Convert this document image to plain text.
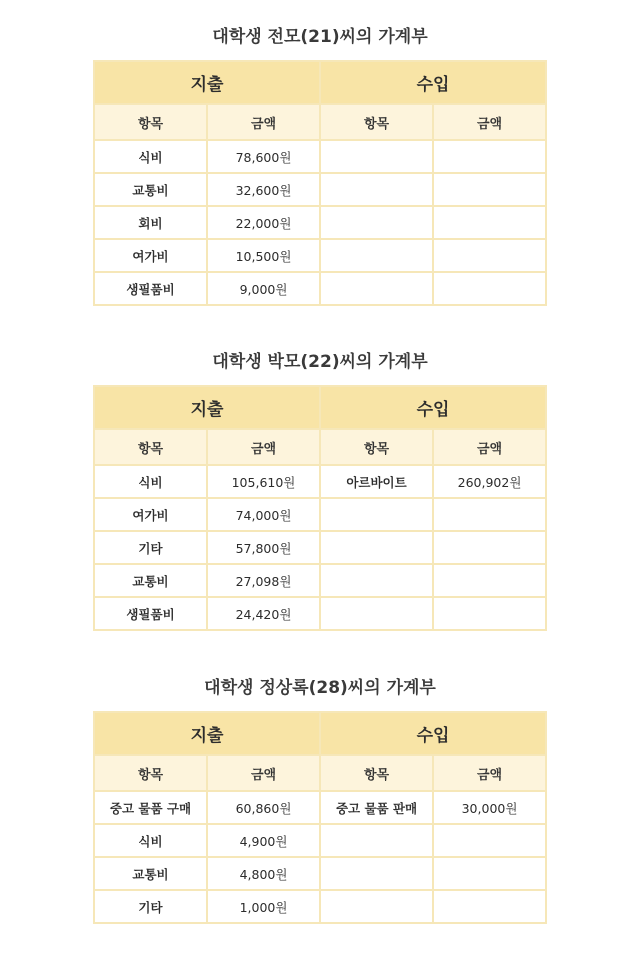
대학생 전모(21)씨의 가계부
지출		수입	
항목	금액	항목	금액
식비	78,600원		
교통비	32,600원		
회비	22,000원		
여가비	10,500원		
생필품비	9,000원		
대학생 박모(22)씨의 가계부
지출		수입	
항목	금액	항목	금액
식비	105,610원	아르바이트	260,902원
여가비	74,000원		
기타	57,800원		
교통비	27,098원		
생필품비	24,420원		
대학생 정상록(28)씨의 가계부
지출		수입	
항목	금액	항목	금액
중고 물품 구매	60,860원	중고 물품 판매	30,000원
식비	4,900원		
교통비	4,800원		
기타	1,000원		
